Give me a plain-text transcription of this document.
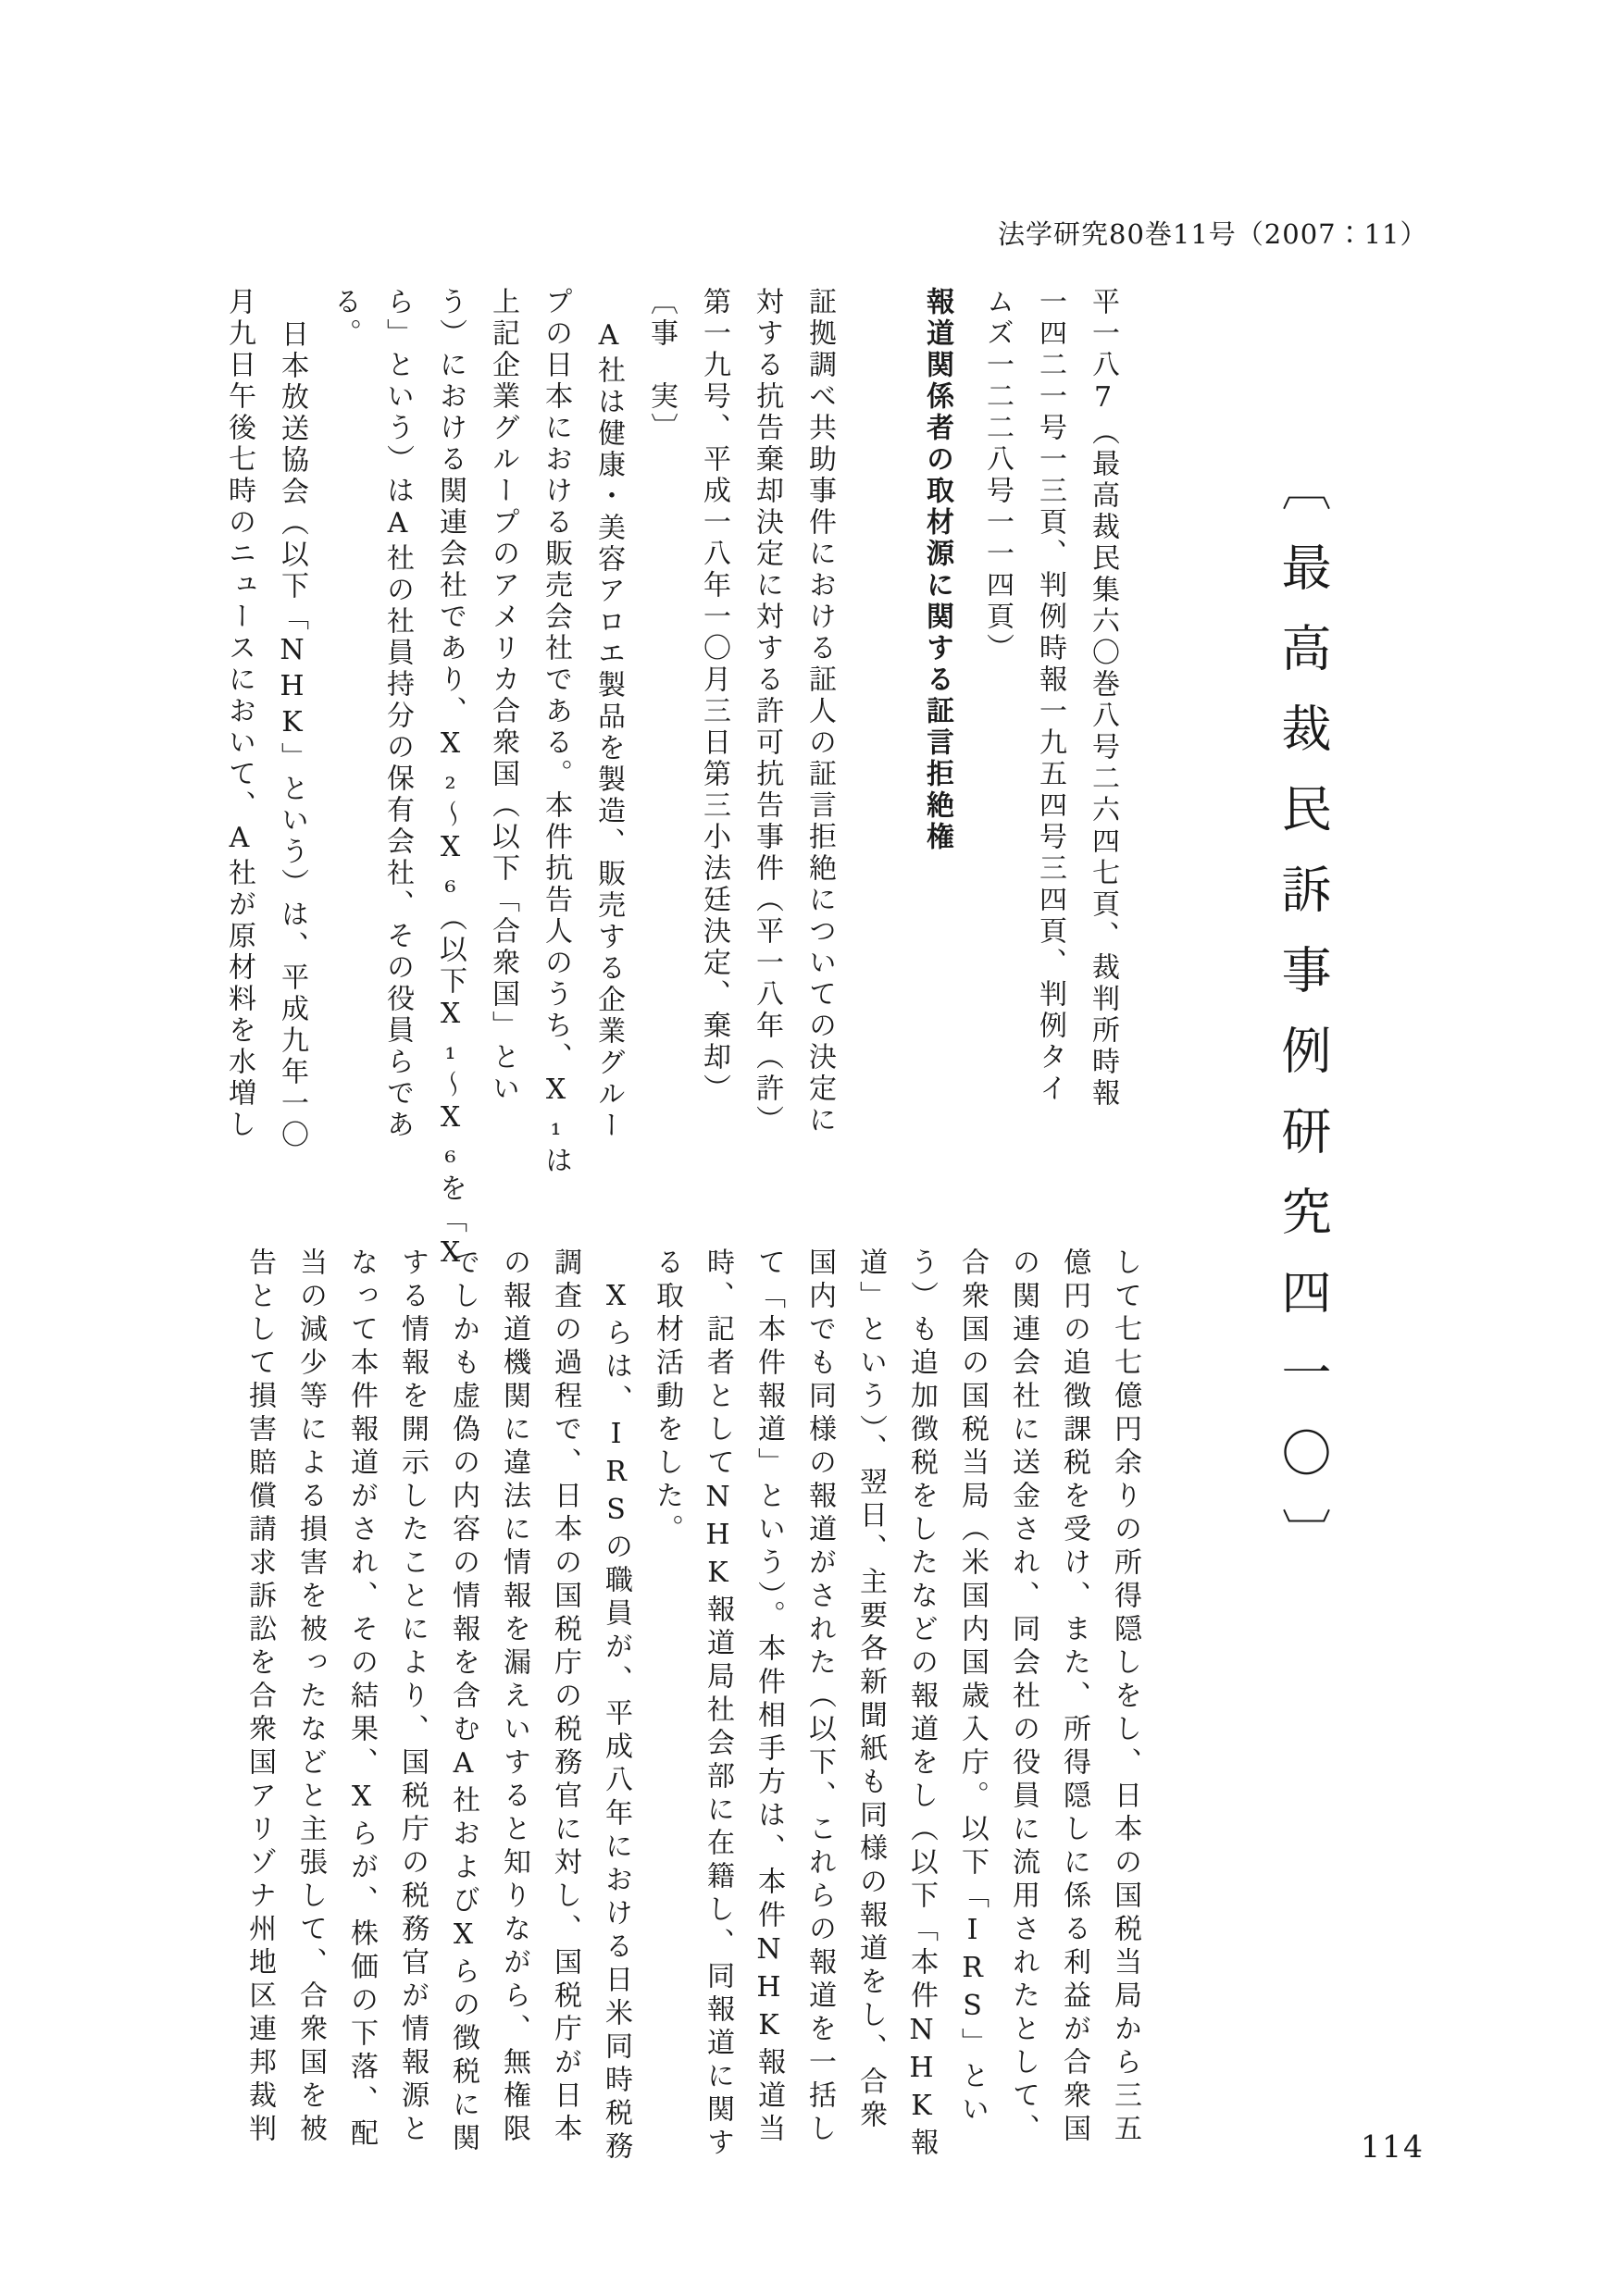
法学研究80巻11号（2007：11）
〔最高裁民訴事例研究四一〇〕
平一八7（最高裁民集六〇巻八号二六四七頁、裁判所時報
一四二一号一三頁、判例時報一九五四号三四頁、判例タイ
ムズ一二二八号一一四頁）
報道関係者の取材源に関する証言拒絶権
証拠調べ共助事件における証人の証言拒絶についての決定に
対する抗告棄却決定に対する許可抗告事件（平一八年（許）
第一九号、平成一八年一〇月三日第三小法廷決定、棄却）
〔事　実〕
A社は健康・美容アロエ製品を製造、販売する企業グルー
プの日本における販売会社である。本件抗告人のうち、X₁は
上記企業グループのアメリカ合衆国（以下「合衆国」とい
う）における関連会社であり、X₂〜X₆（以下X₁〜X₆を「X
ら」という）はA社の社員持分の保有会社、その役員らであ
る。
日本放送協会（以下「NHK」という）は、平成九年一〇
月九日午後七時のニュースにおいて、A社が原材料を水増し
して七七億円余りの所得隠しをし、日本の国税当局から三五
億円の追徴課税を受け、また、所得隠しに係る利益が合衆国
の関連会社に送金され、同会社の役員に流用されたとして、
合衆国の国税当局（米国内国歳入庁。以下「IRS」とい
う）も追加徴税をしたなどの報道をし（以下「本件NHK報
道」という）、翌日、主要各新聞紙も同様の報道をし、合衆
国内でも同様の報道がされた（以下、これらの報道を一括し
て「本件報道」という）。本件相手方は、本件NHK報道当
時、記者としてNHK報道局社会部に在籍し、同報道に関す
る取材活動をした。
Xらは、IRSの職員が、平成八年における日米同時税務
調査の過程で、日本の国税庁の税務官に対し、国税庁が日本
の報道機関に違法に情報を漏えいすると知りながら、無権限
でしかも虚偽の内容の情報を含むA社およびXらの徴税に関
する情報を開示したことにより、国税庁の税務官が情報源と
なって本件報道がされ、その結果、Xらが、株価の下落、配
当の減少等による損害を被ったなどと主張して、合衆国を被
告として損害賠償請求訴訟を合衆国アリゾナ州地区連邦裁判	114
